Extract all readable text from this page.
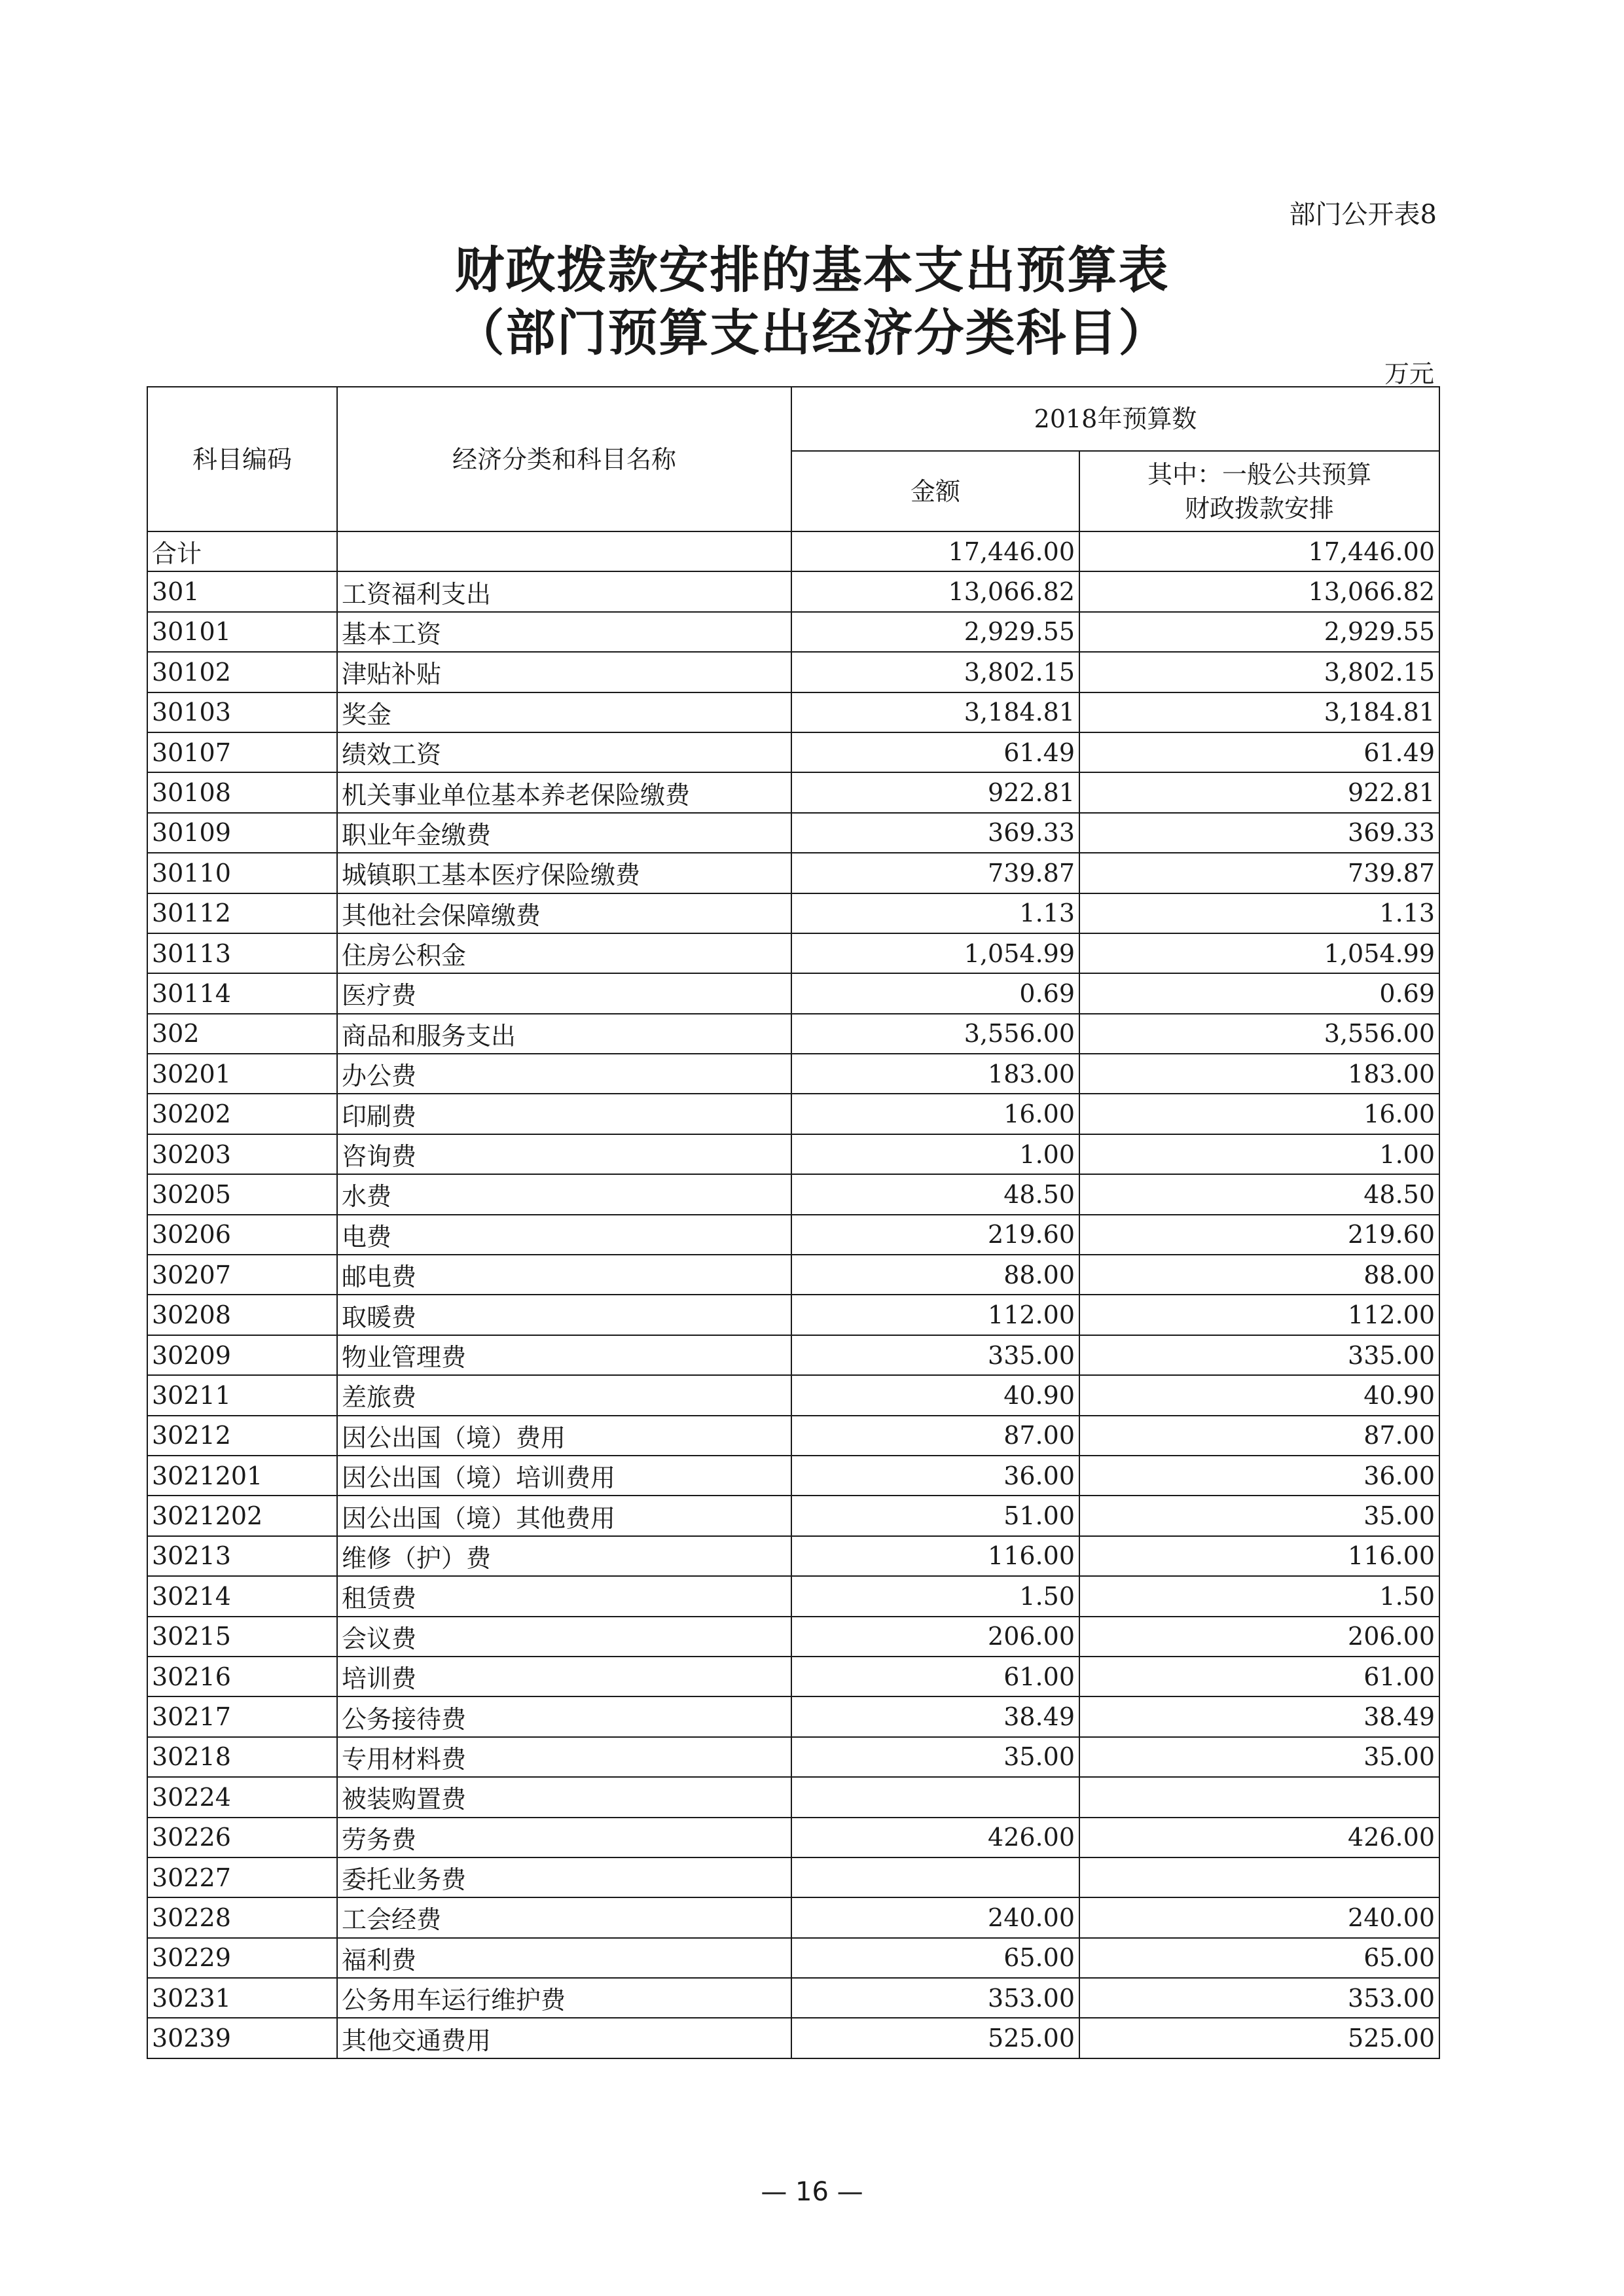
部门公开表8
财政拨款安排的基本支出预算表
（部门预算支出经济分类科目）
万元
科目编码	经济分类和科目名称	2018年预算数	
		金额	其中：一般公共预算
财政拨款安排

合计		17,446.00	17,446.00
301	工资福利支出	13,066.82	13,066.82
30101	基本工资	2,929.55	2,929.55
30102	津贴补贴	3,802.15	3,802.15
30103	奖金	3,184.81	3,184.81
30107	绩效工资	61.49	61.49
30108	机关事业单位基本养老保险缴费	922.81	922.81
30109	职业年金缴费	369.33	369.33
30110	城镇职工基本医疗保险缴费	739.87	739.87
30112	其他社会保障缴费	1.13	1.13
30113	住房公积金	1,054.99	1,054.99
30114	医疗费	0.69	0.69
302	商品和服务支出	3,556.00	3,556.00
30201	办公费	183.00	183.00
30202	印刷费	16.00	16.00
30203	咨询费	1.00	1.00
30205	水费	48.50	48.50
30206	电费	219.60	219.60
30207	邮电费	88.00	88.00
30208	取暖费	112.00	112.00
30209	物业管理费	335.00	335.00
30211	差旅费	40.90	40.90
30212	因公出国（境）费用	87.00	87.00
3021201	因公出国（境）培训费用	36.00	36.00
3021202	因公出国（境）其他费用	51.00	35.00
30213	维修（护）费	116.00	116.00
30214	租赁费	1.50	1.50
30215	会议费	206.00	206.00
30216	培训费	61.00	61.00
30217	公务接待费	38.49	38.49
30218	专用材料费	35.00	35.00
30224	被装购置费		
30226	劳务费	426.00	426.00
30227	委托业务费		
30228	工会经费	240.00	240.00
30229	福利费	65.00	65.00
30231	公务用车运行维护费	353.00	353.00
30239	其他交通费用	525.00	525.00
— 16 —
